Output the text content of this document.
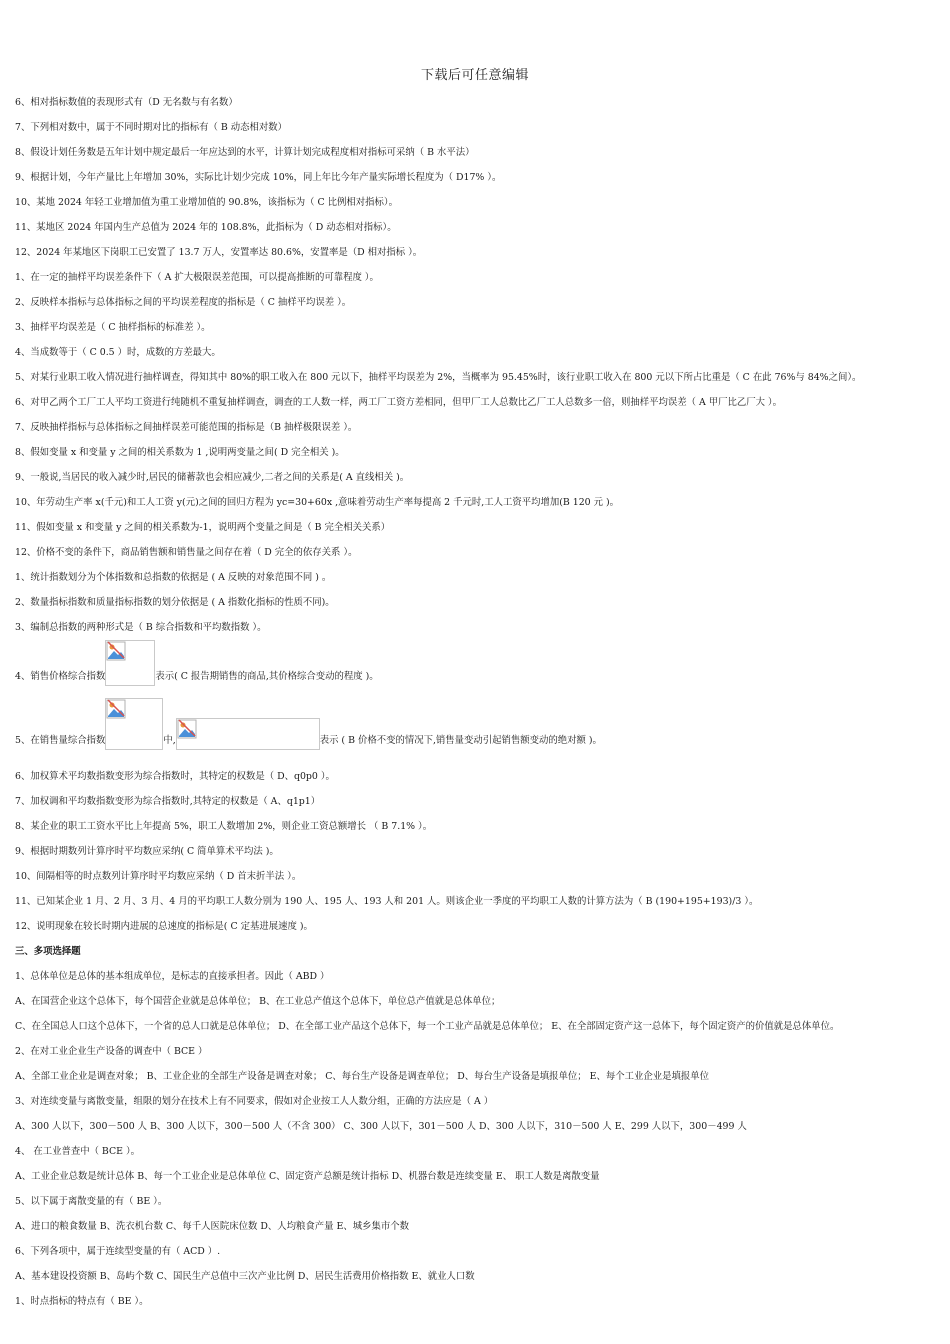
下载后可任意编辑
6、相对指标数值的表现形式有（D 无名数与有名数）
7、下列相对数中，属于不同时期对比的指标有（ B 动态相对数）
8、假设计划任务数是五年计划中规定最后一年应达到的水平，计算计划完成程度相对指标可采纳（ B 水平法）
9、根据计划，今年产量比上年增加 30%，实际比计划少完成 10%，同上年比今年产量实际增长程度为（ D17% ）。
10、某地 2024 年轻工业增加值为重工业增加值的 90.8%，该指标为（ C 比例相对指标）。
11、某地区 2024 年国内生产总值为 2024 年的 108.8%，此指标为（ D 动态相对指标）。
12、2024 年某地区下岗职工已安置了 13.7 万人，安置率达 80.6%，安置率是（D 相对指标 ）。
1、在一定的抽样平均误差条件下（ A 扩大极限误差范围，可以提高推断的可靠程度 ）。
2、反映样本指标与总体指标之间的平均误差程度的指标是（ C 抽样平均误差 ）。
3、抽样平均误差是（ C 抽样指标的标准差 ）。
4、当成数等于（ C 0.5 ）时，成数的方差最大。
5、对某行业职工收入情况进行抽样调查，得知其中 80%的职工收入在 800 元以下，抽样平均误差为 2%，当概率为 95.45%时，该行业职工收入在 800 元以下所占比重是（ C 在此 76%与 84%之间）。
6、对甲乙两个工厂工人平均工资进行纯随机不重复抽样调查，调查的工人数一样，两工厂工资方差相同，但甲厂工人总数比乙厂工人总数多一倍，则抽样平均误差（ A 甲厂比乙厂大 ）。
7、反映抽样指标与总体指标之间抽样误差可能范围的指标是（B 抽样极限误差 ）。
8、假如变量 x 和变量 y 之间的相关系数为 1 ,说明两变量之间( D 完全相关 )。
9、一般说,当居民的收入减少时,居民的储蓄款也会相应减少,二者之间的关系是( A 直线相关 )。
10、年劳动生产率 x(千元)和工人工资 y(元)之间的回归方程为 yc=30+60x ,意味着劳动生产率每提高 2 千元时,工人工资平均增加(B 120 元 )。
11、假如变量 x 和变量 y 之间的相关系数为-1，说明两个变量之间是（ B 完全相关关系）
12、价格不变的条件下，商品销售额和销售量之间存在着（ D 完全的依存关系 ）。
1、统计指数划分为个体指数和总指数的依据是 ( A 反映的对象范围不同 ) 。
2、数量指标指数和质量指标指数的划分依据是 ( A 指数化指标的性质不同)。
3、编制总指数的两种形式是（ B 综合指数和平均数指数 ）。
6、加权算术平均数指数变形为综合指数时，其特定的权数是（ D、q0p0 ）。
7、加权调和平均数指数变形为综合指数时,其特定的权数是（ A、q1p1）
8、某企业的职工工资水平比上年提高 5%，职工人数增加 2%，则企业工资总额增长 （ B 7.1% ）。
9、根据时期数列计算序时平均数应采纳( C 简单算术平均法 )。
10、间隔相等的时点数列计算序时平均数应采纳（ D 首末折半法 ）。
11、已知某企业 1 月、2 月、3 月、4 月的平均职工人数分别为 190 人、195 人、193 人和 201 人。则该企业一季度的平均职工人数的计算方法为（ B (190+195+193)/3 ）。
12、说明现象在较长时期内进展的总速度的指标是( C 定基进展速度 )。
三、多项选择题
1、总体单位是总体的基本组成单位，是标志的直接承担者。因此（ ABD ）
A、在国营企业这个总体下，每个国营企业就是总体单位； B、在工业总产值这个总体下，单位总产值就是总体单位；
C、在全国总人口这个总体下，一个省的总人口就是总体单位； D、在全部工业产品这个总体下，每一个工业产品就是总体单位； E、在全部固定资产这一总体下，每个固定资产的价值就是总体单位。
2、在对工业企业生产设备的调查中（ BCE ）
A、全部工业企业是调查对象； B、工业企业的全部生产设备是调查对象； C、每台生产设备是调查单位； D、每台生产设备是填报单位； E、每个工业企业是填报单位
3、对连续变量与离散变量，组限的划分在技术上有不同要求，假如对企业按工人人数分组，正确的方法应是（ A ）
A、300 人以下，300－500 人 B、300 人以下，300－500 人（不含 300） C、300 人以下，301－500 人 D、300 人以下，310－500 人 E、299 人以下，300－499 人
4、 在工业普查中（ BCE ）。
A、工业企业总数是统计总体 B、每一个工业企业是总体单位 C、固定资产总额是统计指标 D、机器台数是连续变量 E、 职工人数是离散变量
5、以下属于离散变量的有（ BE ）。
A、进口的粮食数量 B、洗衣机台数 C、每千人医院床位数 D、人均粮食产量 E、城乡集市个数
6、下列各项中，属于连续型变量的有（ ACD ）.
A、基本建设投资额 B、岛屿个数 C、国民生产总值中三次产业比例 D、居民生活费用价格指数 E、就业人口数
1、时点指标的特点有（ BE ）。
4、销售价格综合指数	表示( C 报告期销售的商品,其价格综合变动的程度 )。
5、在销售量综合指数	中,	表示 ( B 价格不变的情况下,销售量变动引起销售额变动的绝对额 )。
